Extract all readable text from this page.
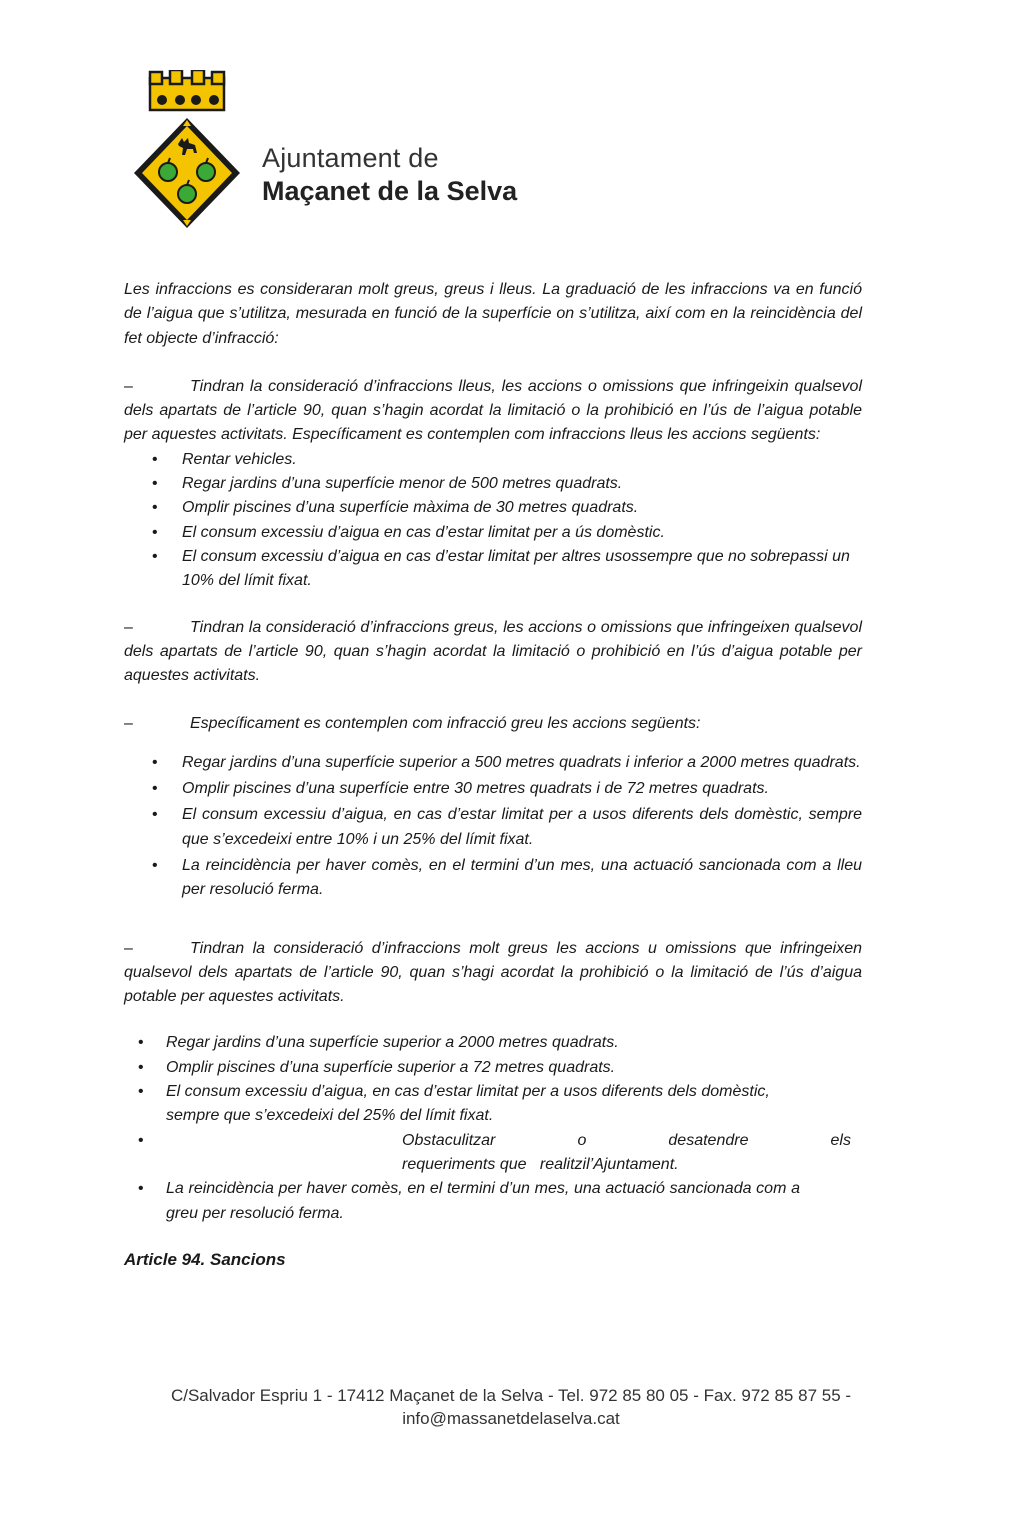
Ajuntament de
Maçanet de la Selva

Les infraccions es consideraran molt greus, greus i lleus. La graduació de les infraccions va en funció de l’aigua que s’utilitza, mesurada en funció de la superfície on s’utilitza, així com en la reincidència del fet objecte d’infracció:

–	Tindran la consideració d’infraccions lleus, les accions o omissions que infringeixin qualsevol dels apartats de l’article 90, quan s’hagin acordat la limitació o la prohibició en l’ús de l’aigua potable per aquestes activitats. Específicament es contemplen com infraccions lleus les accions següents:

• Rentar vehicles.
• Regar jardins d’una superfície menor de 500 metres quadrats.
• Omplir piscines d’una superfície màxima de 30 metres quadrats.
• El consum excessiu d’aigua en cas d’estar limitat per a ús domèstic.
• El consum excessiu d’aigua en cas d’estar limitat per altres usossempre que no sobrepassi un 10% del límit fixat.

–	Tindran la consideració d’infraccions greus, les accions o omissions que infringeixen qualsevol dels apartats de l’article 90, quan s’hagin acordat la limitació o prohibició en l’ús d’aigua potable per aquestes activitats.

–	Específicament es contemplen com infracció greu les accions següents:

• Regar jardins d’una superfície superior a 500 metres quadrats i inferior a 2000 metres quadrats.
• Omplir piscines d’una superfície entre 30 metres quadrats i de 72 metres quadrats.
• El consum excessiu d’aigua, en cas d’estar limitat per a usos diferents dels domèstic, sempre que s’excedeixi entre 10% i un 25% del límit fixat.
• La reincidència per haver comès, en el termini d’un mes, una actuació sancionada com a lleu per resolució ferma.

–	Tindran la consideració d’infraccions molt greus les accions u omissions que infringeixen qualsevol dels apartats de l’article 90, quan s’hagi acordat la prohibició o la limitació de l’ús d’aigua potable per aquestes activitats.

• Regar jardins d’una superfície superior a 2000 metres quadrats.
• Omplir piscines d’una superfície superior a 72 metres quadrats.
• El consum excessiu d’aigua, en cas d’estar limitat per a usos diferents dels domèstic, sempre que s’excedeixi del 25% del límit fixat.
•	Obstaculitzar	o	desatendre	els
requeriments que realitzil’Ajuntament.
• La reincidència per haver comès, en el termini d’un mes, una actuació sancionada com a greu per resolució ferma.

Article 94. Sancions

C/Salvador Espriu 1 - 17412 Maçanet de la Selva - Tel. 972 85 80 05 - Fax. 972 85 87 55 -
info@massanetdelaselva.cat
